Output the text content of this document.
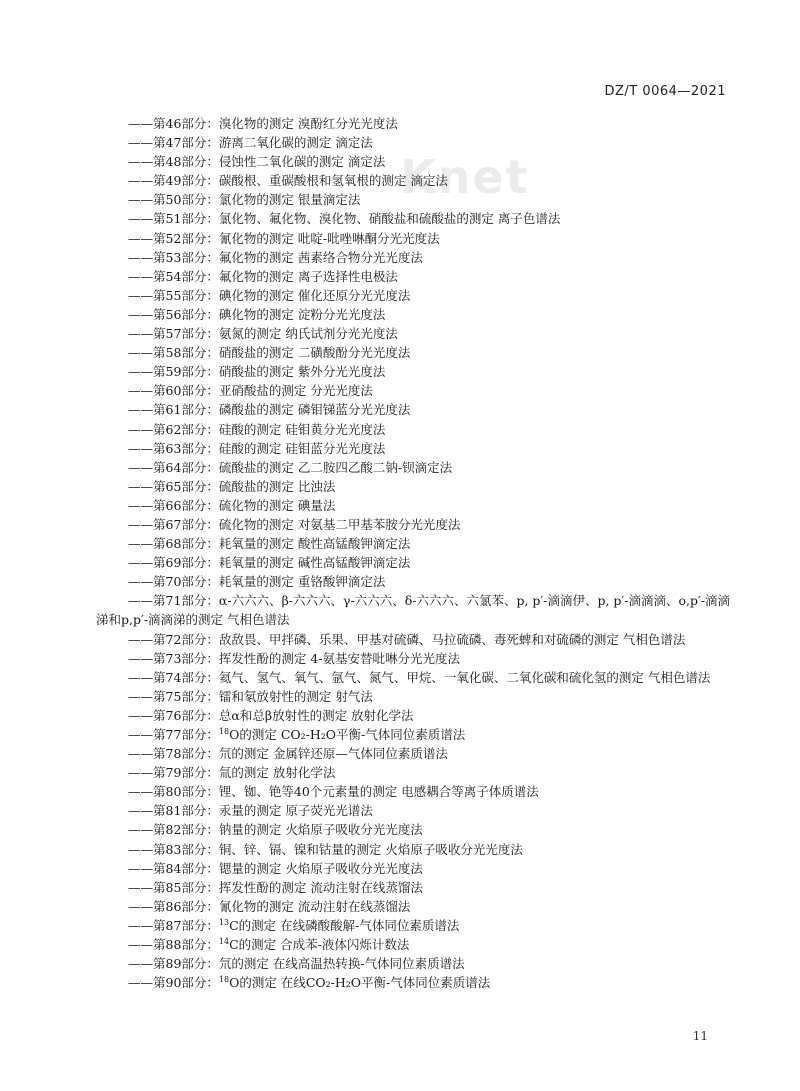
DZ/T 0064—2021
Knet
——第46部分：溴化物的测定 溴酚红分光光度法
——第47部分：游离二氧化碳的测定 滴定法
——第48部分：侵蚀性二氧化碳的测定 滴定法
——第49部分：碳酸根、重碳酸根和氢氧根的测定 滴定法
——第50部分：氯化物的测定 银量滴定法
——第51部分：氯化物、氟化物、溴化物、硝酸盐和硫酸盐的测定 离子色谱法
——第52部分：氰化物的测定 吡啶-吡唑啉酮分光光度法
——第53部分：氟化物的测定 茜素络合物分光光度法
——第54部分：氟化物的测定 离子选择性电极法
——第55部分：碘化物的测定 催化还原分光光度法
——第56部分：碘化物的测定 淀粉分光光度法
——第57部分：氨氮的测定 纳氏试剂分光光度法
——第58部分：硝酸盐的测定 二磺酸酚分光光度法
——第59部分：硝酸盐的测定 紫外分光光度法
——第60部分：亚硝酸盐的测定 分光光度法
——第61部分：磷酸盐的测定 磷钼锑蓝分光光度法
——第62部分：硅酸的测定 硅钼黄分光光度法
——第63部分：硅酸的测定 硅钼蓝分光光度法
——第64部分：硫酸盐的测定 乙二胺四乙酸二钠-钡滴定法
——第65部分：硫酸盐的测定 比浊法
——第66部分：硫化物的测定 碘量法
——第67部分：硫化物的测定 对氨基二甲基苯胺分光光度法
——第68部分：耗氧量的测定 酸性高锰酸钾滴定法
——第69部分：耗氧量的测定 碱性高锰酸钾滴定法
——第70部分：耗氧量的测定 重铬酸钾滴定法
——第71部分：α-六六六、β-六六六、γ-六六六、δ-六六六、六氯苯、p, p′-滴滴伊、p, p′-滴滴滴、o,p′-滴滴涕和p,p′-滴滴涕的测定 气相色谱法
——第72部分：敌敌畏、甲拌磷、乐果、甲基对硫磷、马拉硫磷、毒死蜱和对硫磷的测定 气相色谱法
——第73部分：挥发性酚的测定 4-氨基安替吡啉分光光度法
——第74部分：氦气、氢气、氧气、氩气、氮气、甲烷、一氧化碳、二氧化碳和硫化氢的测定 气相色谱法
——第75部分：镭和氡放射性的测定 射气法
——第76部分：总α和总β放射性的测定 放射化学法
——第77部分：$^{18}$O的测定 CO₂-H₂O平衡-气体同位素质谱法
——第78部分：氘的测定 金属锌还原—气体同位素质谱法
——第79部分：氚的测定 放射化学法
——第80部分：锂、铷、铯等40个元素量的测定 电感耦合等离子体质谱法
——第81部分：汞量的测定 原子荧光光谱法
——第82部分：钠量的测定 火焰原子吸收分光光度法
——第83部分：铜、锌、镉、镍和钴量的测定 火焰原子吸收分光光度法
——第84部分：锶量的测定 火焰原子吸收分光光度法
——第85部分：挥发性酚的测定 流动注射在线蒸馏法
——第86部分：氰化物的测定 流动注射在线蒸馏法
——第87部分：$^{13}$C的测定 在线磷酸酸解-气体同位素质谱法
——第88部分：$^{14}$C的测定 合成苯-液体闪烁计数法
——第89部分：氘的测定 在线高温热转换-气体同位素质谱法
——第90部分：$^{18}$O的测定 在线CO₂-H₂O平衡-气体同位素质谱法
11
